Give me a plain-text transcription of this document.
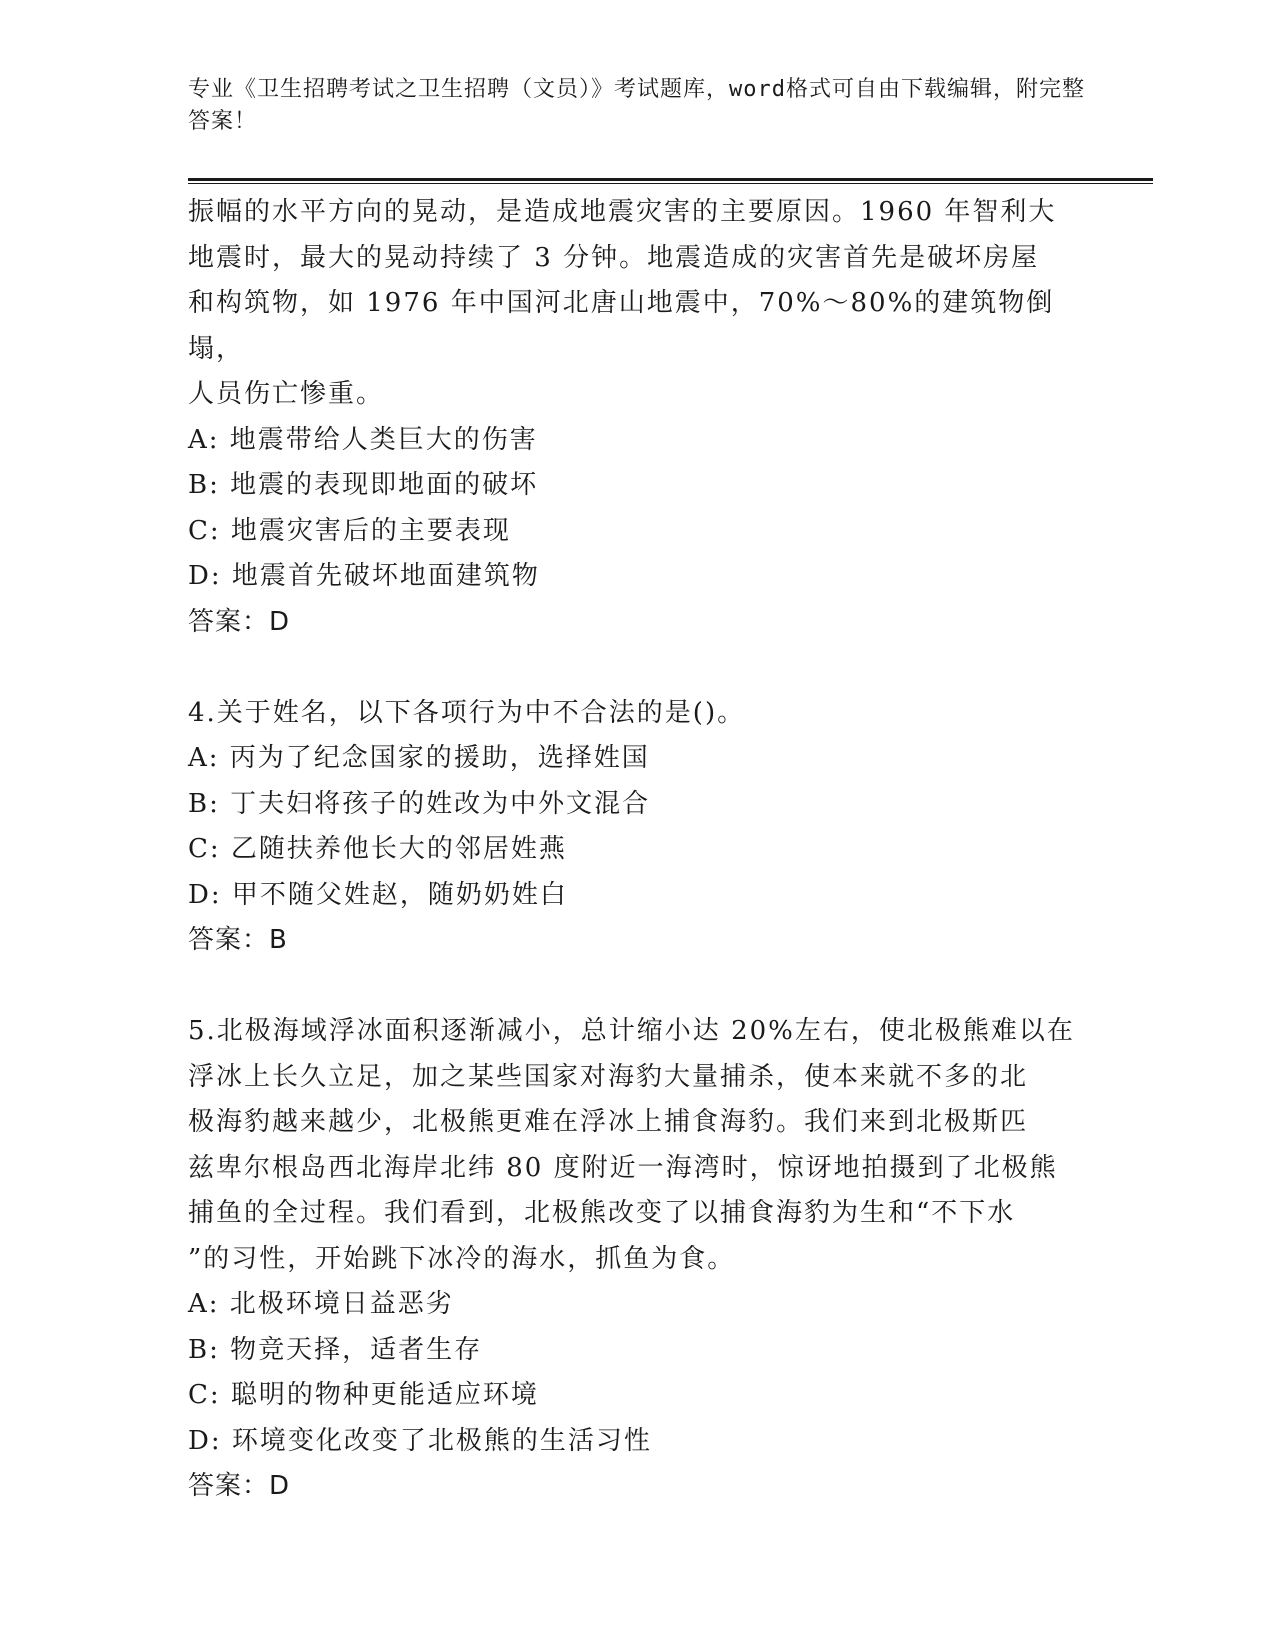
专业《卫生招聘考试之卫生招聘（文员）》考试题库，word格式可自由下载编辑，附完整答案！

振幅的水平方向的晃动，是造成地震灾害的主要原因。1960 年智利大

地震时，最大的晃动持续了 3 分钟。地震造成的灾害首先是破坏房屋

和构筑物，如 1976 年中国河北唐山地震中，70%～80%的建筑物倒塌，

人员伤亡惨重。

A: 地震带给人类巨大的伤害

B: 地震的表现即地面的破坏

C: 地震灾害后的主要表现

D: 地震首先破坏地面建筑物

答案：D

4.关于姓名，以下各项行为中不合法的是()。

A: 丙为了纪念国家的援助，选择姓国

B: 丁夫妇将孩子的姓改为中外文混合

C: 乙随扶养他长大的邻居姓燕

D: 甲不随父姓赵，随奶奶姓白

答案：B

5.北极海域浮冰面积逐渐减小，总计缩小达 20%左右，使北极熊难以在

浮冰上长久立足，加之某些国家对海豹大量捕杀，使本来就不多的北

极海豹越来越少，北极熊更难在浮冰上捕食海豹。我们来到北极斯匹

兹卑尔根岛西北海岸北纬 80 度附近一海湾时，惊讶地拍摄到了北极熊

捕鱼的全过程。我们看到，北极熊改变了以捕食海豹为生和“不下水

”的习性，开始跳下冰冷的海水，抓鱼为食。

A: 北极环境日益恶劣

B: 物竞天择，适者生存

C: 聪明的物种更能适应环境

D: 环境变化改变了北极熊的生活习性

答案：D
